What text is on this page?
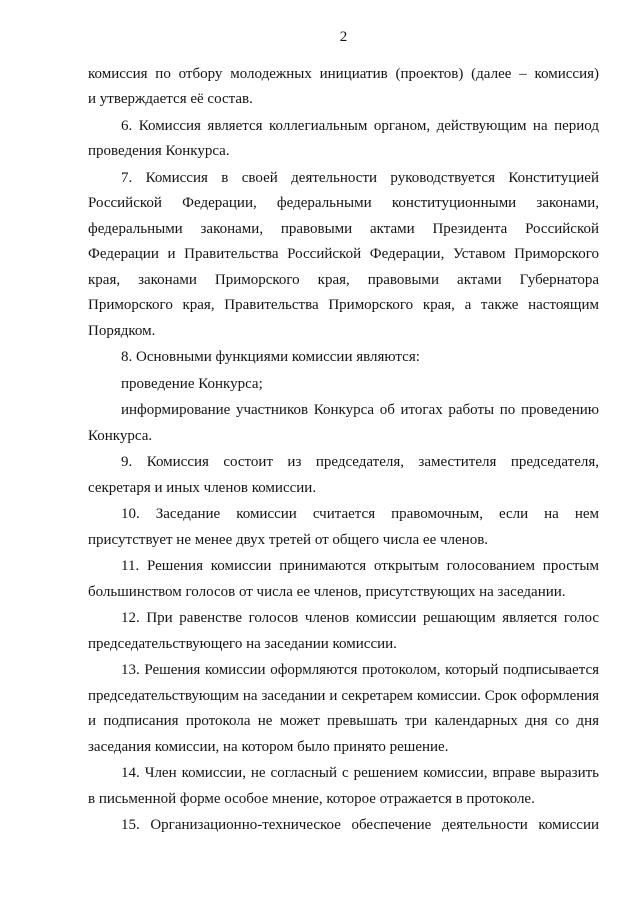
2
комиссия по отбору молодежных инициатив (проектов) (далее – комиссия)
и утверждается её состав.
6. Комиссия является коллегиальным органом, действующим на период
проведения Конкурса.
7. Комиссия в своей деятельности руководствуется Конституцией
Российской Федерации, федеральными конституционными законами,
федеральными законами, правовыми актами Президента Российской
Федерации и Правительства Российской Федерации, Уставом Приморского
края, законами Приморского края, правовыми актами Губернатора
Приморского края, Правительства Приморского края, а также настоящим
Порядком.
8. Основными функциями комиссии являются:
проведение Конкурса;
информирование участников Конкурса об итогах работы по проведению
Конкурса.
9. Комиссия состоит из председателя, заместителя председателя,
секретаря и иных членов комиссии.
10. Заседание комиссии считается правомочным, если на нем
присутствует не менее двух третей от общего числа ее членов.
11. Решения комиссии принимаются открытым голосованием простым
большинством голосов от числа ее членов, присутствующих на заседании.
12. При равенстве голосов членов комиссии решающим является голос
председательствующего на заседании комиссии.
13. Решения комиссии оформляются протоколом, который подписывается
председательствующим на заседании и секретарем комиссии. Срок оформления
и подписания протокола не может превышать три календарных дня со дня
заседания комиссии, на котором было принято решение.
14. Член комиссии, не согласный с решением комиссии, вправе выразить
в письменной форме особое мнение, которое отражается в протоколе.
15. Организационно-техническое обеспечение деятельности комиссии
